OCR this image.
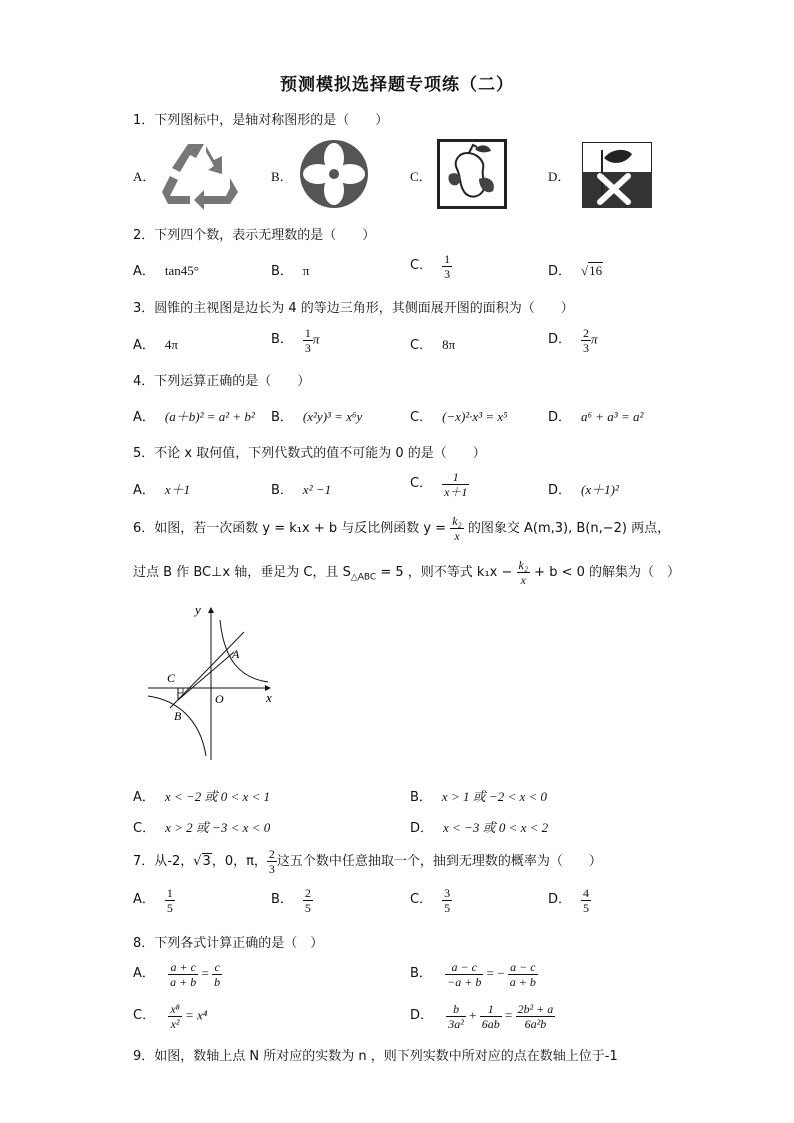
预测模拟选择题专项练（二）
1．下列图标中，是轴对称图形的是（　　）
A．	B．	C．	D．
2．下列四个数，表示无理数的是（　　）
A． tan45°	B． π	C． $\frac{1}{3}$	D． √16
3．圆锥的主视图是边长为 4 的等边三角形，其侧面展开图的面积为（　　）
A． 4π	B． $\frac{1}{3}$ π	C． 8π	D． $\frac{2}{3}$ π
4．下列运算正确的是（　　）
A． (a＋b)² = a² + b² B． (x²y)³ = x⁶y	C． (−x)²·x³ = x⁵	D． a⁶ + a³ = a²
5．不论 x 取何值，下列代数式的值不可能为 0 的是（　　）
A． x＋1	B． x² −1	C． $\frac{1}{x+1}$	D． (x＋1)²
6．如图，若一次函数 y = k₁x + b 与反比例函数 $y = \frac{\text{k₂}}{x}$ 的图象交 A(m,3), B(n,−2) 两点，
过点 B 作 BC⊥x 轴，垂足为 C，且 $S_{\triangle ABC} = 5$ ，则不等式 $k_1x - \frac{\text{k₂}}{x} + b < 0$ 的解集为（　）
y
x
A
B
C
O
A． x < −2 或 0 < x < 1	B． x > 1 或 −2 < x < 0
C． x > 2 或 −3 < x < 0	D． x < −3 或 0 < x < 2
7．从-2，√3，0，π， $\frac{2}{3}$ 这五个数中任意抽取一个，抽到无理数的概率为（　　）
A． $\frac{1}{5}$	B． $\frac{2}{5}$	C． $\frac{3}{5}$	D． $\frac{4}{5}$
8．下列各式计算正确的是（　）
A． $\frac{a + c}{a + b} = \frac{c}{b}$	B． $\frac{a - c}{-a + b}$ = − $\frac{a - c}{a + b}$
C． $\frac{\text{x⁸}}{\text{x²}} = x^4$	D． $\frac{b}{\text{3a²}} + \frac{1}{6ab} = \frac{\text{2b² + a}}{\text{6a²b}}$
9．如图，数轴上点 N 所对应的实数为 n ，则下列实数中所对应的点在数轴上位于-1
